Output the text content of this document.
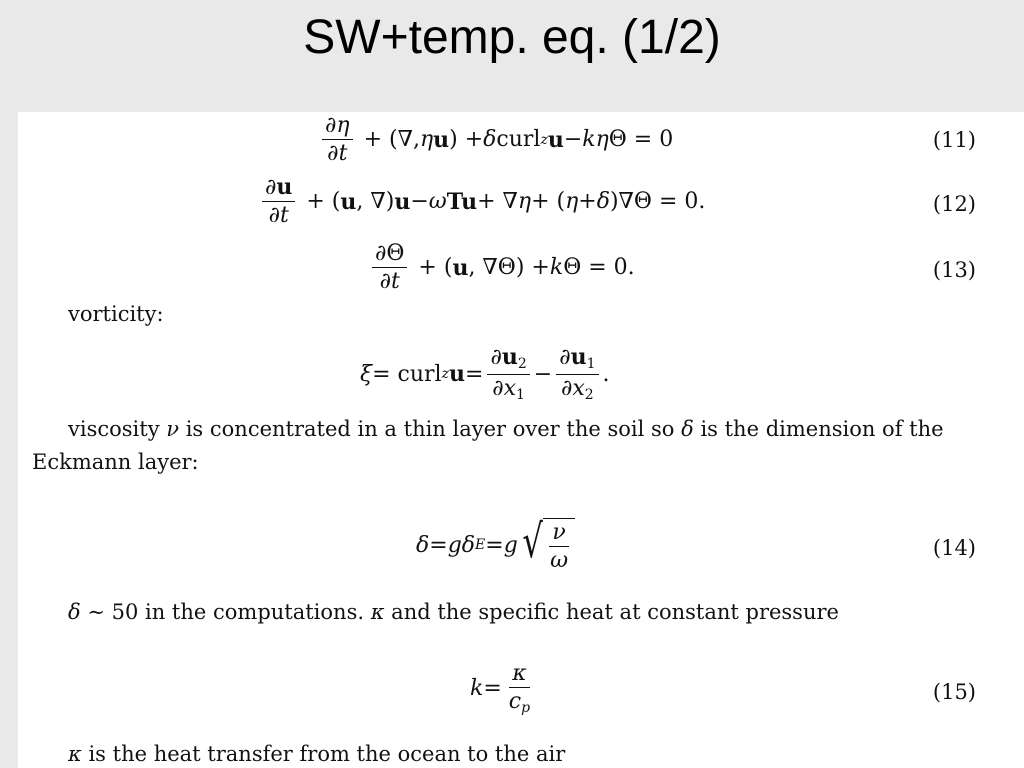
SW+temp. eq. (1/2)
$\frac{\partial\eta}{\partial t}$ + (∇, η u ) + δ curl z u − kη Θ = 0	(11)
$\frac{\partial u}{\partial t}$ + ( u , ∇) u − ω Tu + ∇ η + ( η + δ )∇Θ = 0.	(12)
$\frac{\partial\Theta}{\partial t}$ + ( u , ∇Θ) + k Θ = 0.	(13)
vorticity:
ξ = curl z $u = \frac{\partial u_2}{\partial x_1} - \frac{\partial u_1}{\partial x_2}$ .
viscosity ν is concentrated in a thin layer over the soil so δ is the dimension of the
Eckmann layer:
δ = gδ E = g √ $\frac{\nu}{\omega}$	(14)
δ ∼ 50 in the computations. κ and the specific heat at constant pressure
$k = \frac{\kappa}{c_p}$	(15)
κ is the heat transfer from the ocean to the air
